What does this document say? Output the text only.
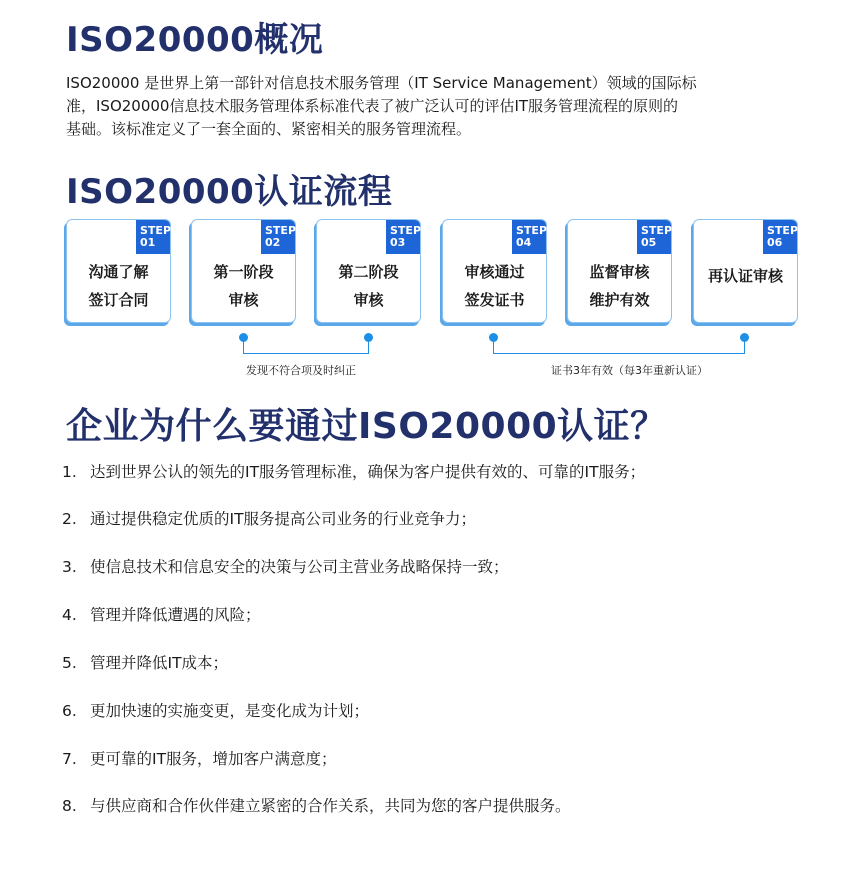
ISO20000概况
ISO20000 是世界上第一部针对信息技术服务管理（IT Service Management）领域的国际标
准，ISO20000信息技术服务管理体系标准代表了被广泛认可的评估IT服务管理流程的原则的
基础。该标准定义了一套全面的、紧密相关的服务管理流程。
ISO20000认证流程
STEP
01
沟通了解
签订合同
STEP
02
第一阶段
审核
STEP
03
第二阶段
审核
STEP
04
审核通过
签发证书
STEP
05
监督审核
维护有效
STEP
06
再认证审核
发现不符合项及时纠正	证书3年有效（每3年重新认证）
企业为什么要通过ISO20000认证？
1. 达到世界公认的领先的IT服务管理标准，确保为客户提供有效的、可靠的IT服务；
2. 通过提供稳定优质的IT服务提高公司业务的行业竞争力；
3. 使信息技术和信息安全的决策与公司主营业务战略保持一致；
4. 管理并降低遭遇的风险；
5. 管理并降低IT成本；
6. 更加快速的实施变更，是变化成为计划；
7. 更可靠的IT服务，增加客户满意度；
8. 与供应商和合作伙伴建立紧密的合作关系，共同为您的客户提供服务。
